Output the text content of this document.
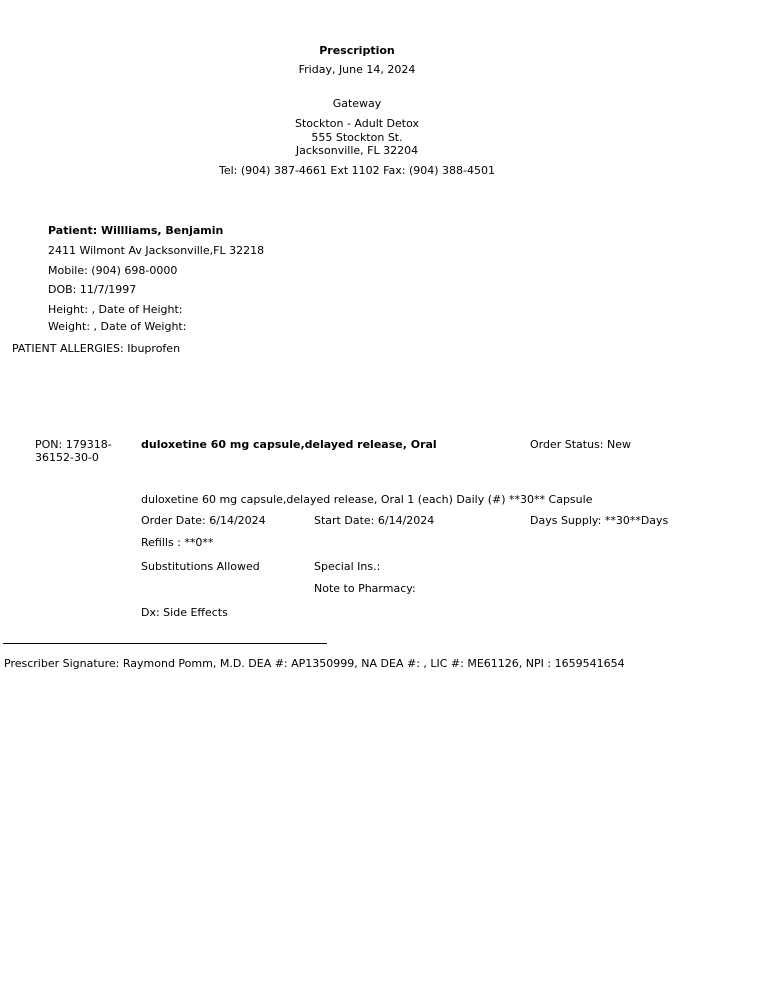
Prescription
Friday, June 14, 2024
Gateway
Stockton - Adult Detox
555 Stockton St.
Jacksonville, FL 32204
Tel: (904) 387-4661 Ext 1102 Fax: (904) 388-4501
Patient: Willliams, Benjamin
2411 Wilmont Av Jacksonville,FL 32218
Mobile: (904) 698-0000
DOB: 11/7/1997
Height: , Date of Height:
Weight: , Date of Weight:
PATIENT ALLERGIES: Ibuprofen
PON: 179318-36152-30-0
duloxetine 60 mg capsule,delayed release, Oral	Order Status: New
duloxetine 60 mg capsule,delayed release, Oral 1 (each) Daily (#) **30** Capsule
Order Date: 6/14/2024	Start Date: 6/14/2024	Days Supply: **30**Days
Refills : **0**
Substitutions Allowed	Special Ins.:
Note to Pharmacy:
Dx: Side Effects
Prescriber Signature: Raymond Pomm, M.D. DEA #: AP1350999, NA DEA #: , LIC #: ME61126, NPI : 1659541654
